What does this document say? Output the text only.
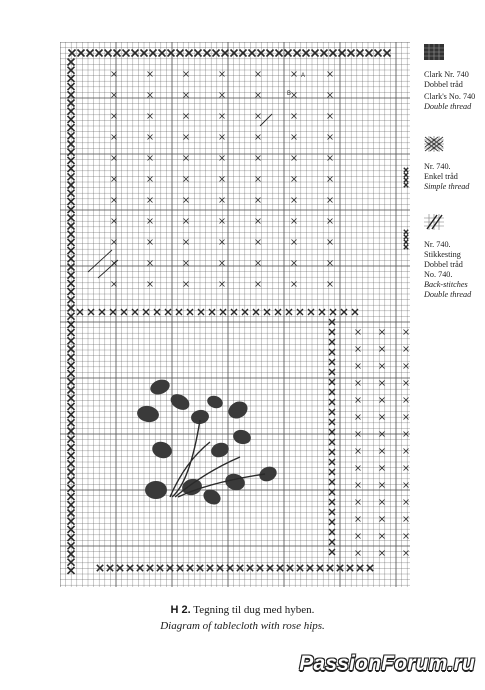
A
B
Clark Nr. 740
Dobbel tråd
Clark's No. 740
Double thread
Nr. 740.
Enkel tråd
Simple thread
Nr. 740.
Stikkesting
Dobbel tråd
No. 740.
Back-stitches
Double thread
H 2. Tegning til dug med hyben.
Diagram of tablecloth with rose hips.
PassionForum.ru
